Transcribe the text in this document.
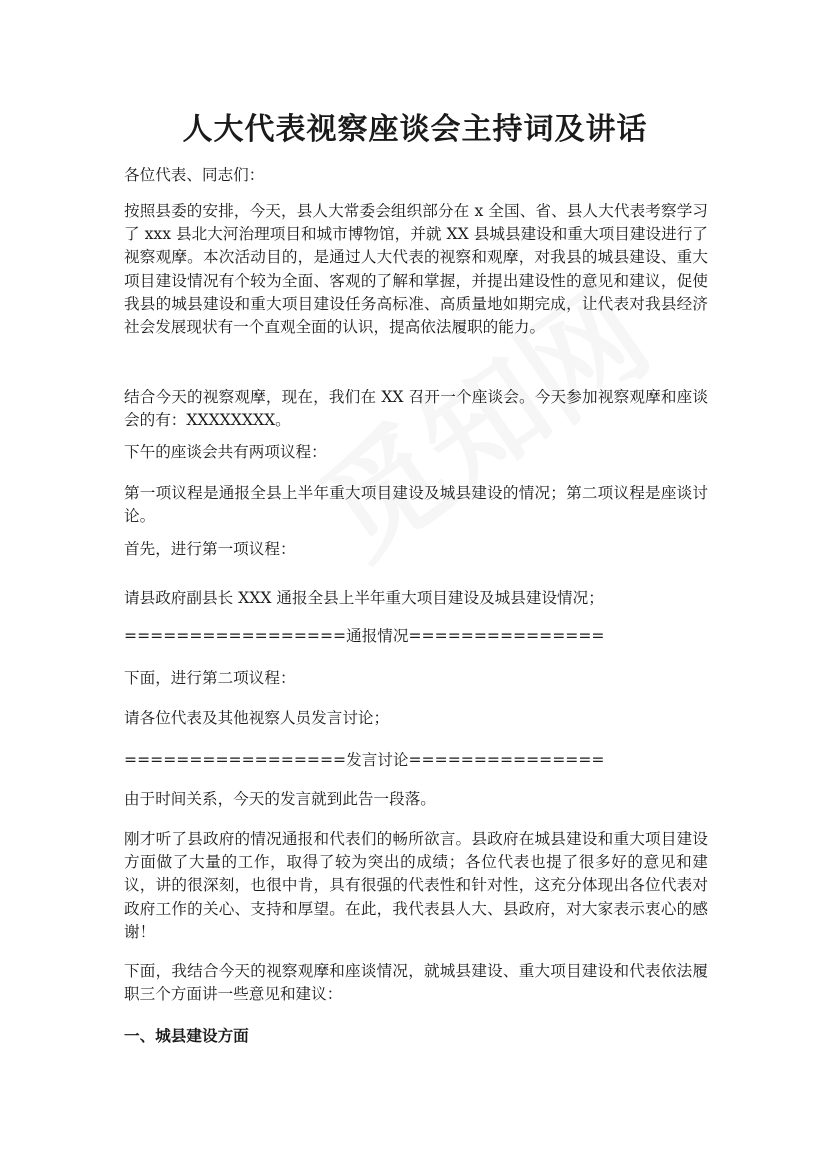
人大代表视察座谈会主持词及讲话

各位代表、同志们：

按照县委的安排，今天，县人大常委会组织部分在 x 全国、省、县人大代表考察学习了 xxx 县北大河治理项目和城市博物馆，并就 XX 县城县建设和重大项目建设进行了视察观摩。本次活动目的，是通过人大代表的视察和观摩，对我县的城县建设、重大项目建设情况有个较为全面、客观的了解和掌握，并提出建设性的意见和建议，促使我县的城县建设和重大项目建设任务高标准、高质量地如期完成，让代表对我县经济社会发展现状有一个直观全面的认识，提高依法履职的能力。

结合今天的视察观摩，现在，我们在 XX 召开一个座谈会。今天参加视察观摩和座谈会的有：XXXXXXXX。

下午的座谈会共有两项议程：

第一项议程是通报全县上半年重大项目建设及城县建设的情况；第二项议程是座谈讨论。

首先，进行第一项议程：

请县政府副县长 XXX 通报全县上半年重大项目建设及城县建设情况；

=================通报情况===============

下面，进行第二项议程：

请各位代表及其他视察人员发言讨论；

=================发言讨论===============

由于时间关系，今天的发言就到此告一段落。

刚才听了县政府的情况通报和代表们的畅所欲言。县政府在城县建设和重大项目建设方面做了大量的工作，取得了较为突出的成绩；各位代表也提了很多好的意见和建议，讲的很深刻，也很中肯，具有很强的代表性和针对性，这充分体现出各位代表对政府工作的关心、支持和厚望。在此，我代表县人大、县政府，对大家表示衷心的感谢！

下面，我结合今天的视察观摩和座谈情况，就城县建设、重大项目建设和代表依法履职三个方面讲一些意见和建议：

一、城县建设方面
